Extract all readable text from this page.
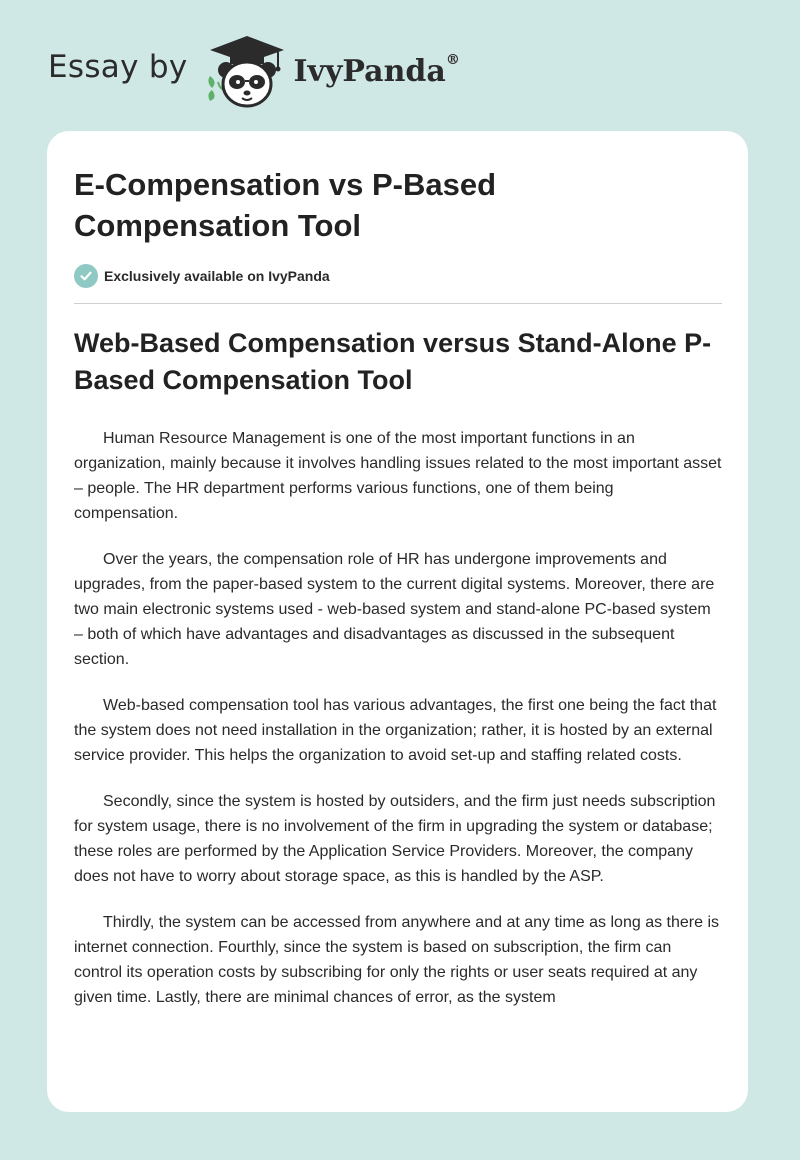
Essay by	IvyPanda®
E-Compensation vs P-Based Compensation Tool
Exclusively available on IvyPanda
Web-Based Compensation versus Stand-Alone P-Based Compensation Tool

Human Resource Management is one of the most important functions in an organization, mainly because it involves handling issues related to the most important asset – people. The HR department performs various functions, one of them being compensation.

Over the years, the compensation role of HR has undergone improvements and upgrades, from the paper-based system to the current digital systems. Moreover, there are two main electronic systems used - web-based system and stand-alone PC-based system – both of which have advantages and disadvantages as discussed in the subsequent section.

Web-based compensation tool has various advantages, the first one being the fact that the system does not need installation in the organization; rather, it is hosted by an external service provider. This helps the organization to avoid set-up and staffing related costs.

Secondly, since the system is hosted by outsiders, and the firm just needs subscription for system usage, there is no involvement of the firm in upgrading the system or database; these roles are performed by the Application Service Providers. Moreover, the company does not have to worry about storage space, as this is handled by the ASP.

Thirdly, the system can be accessed from anywhere and at any time as long as there is internet connection. Fourthly, since the system is based on subscription, the firm can control its operation costs by subscribing for only the rights or user seats required at any given time. Lastly, there are minimal chances of error, as the system
